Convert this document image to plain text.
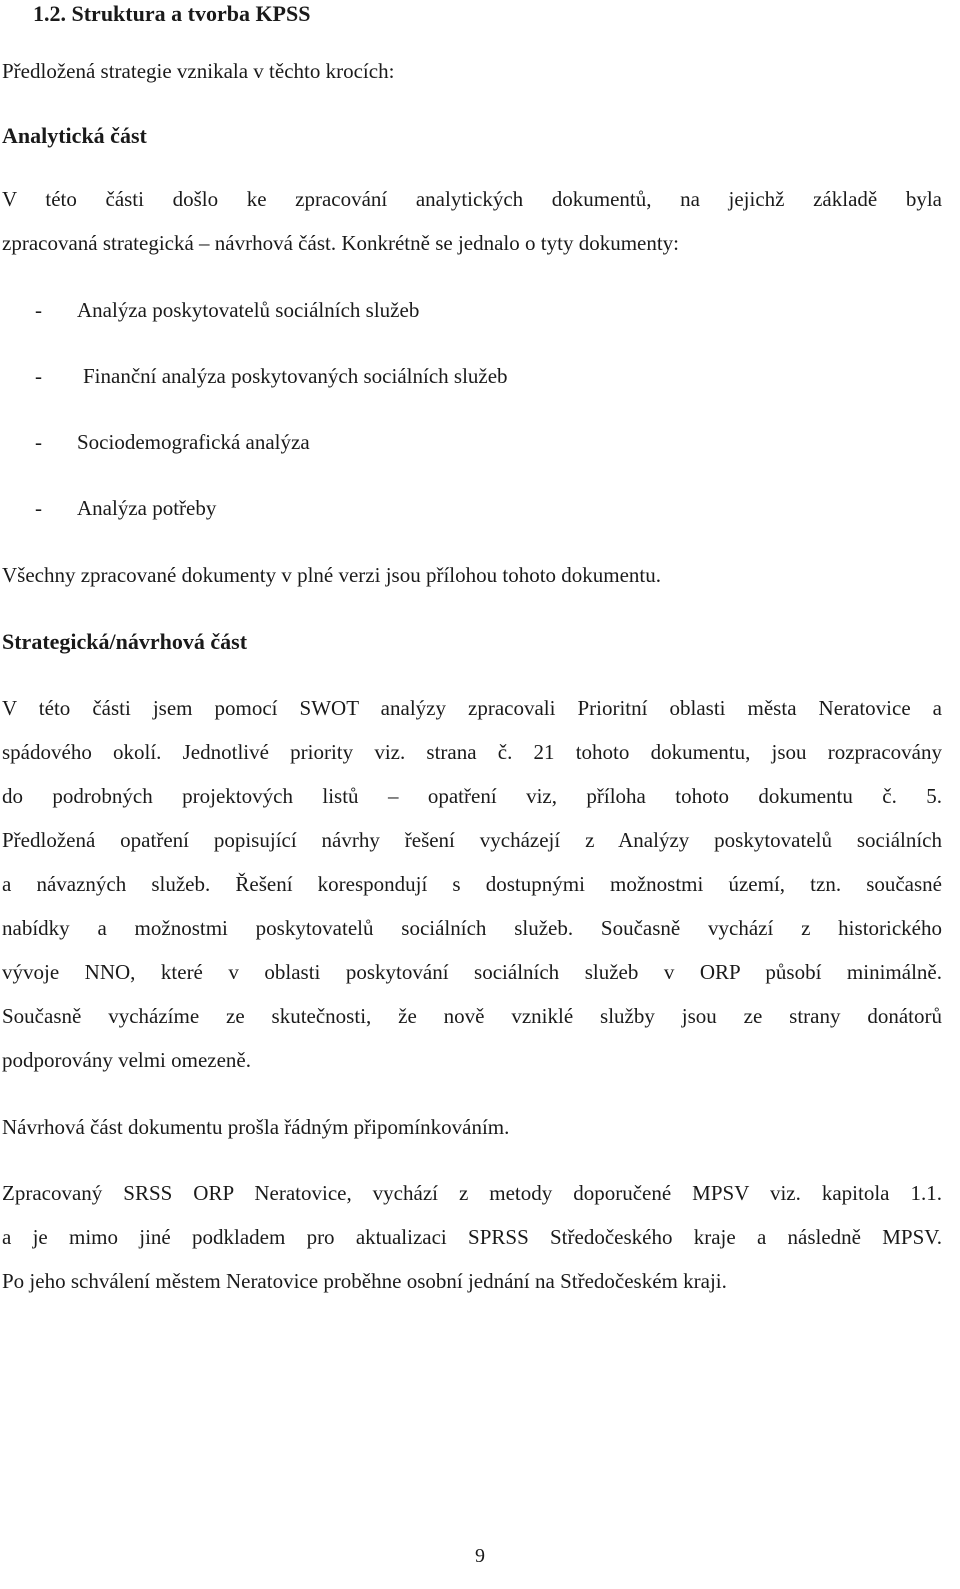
1.2. Struktura a tvorba KPSS

Předložená strategie vznikala v těchto krocích:

Analytická část

V této části došlo ke zpracování analytických dokumentů, na jejichž základě byla

zpracovaná strategická – návrhová část. Konkrétně se jednalo o tyty dokumenty:

- Analýza poskytovatelů sociálních služeb

- Finanční analýza poskytovaných sociálních služeb

- Sociodemografická analýza

- Analýza potřeby

Všechny zpracované dokumenty v plné verzi jsou přílohou tohoto dokumentu.

Strategická/návrhová část

V této části jsem pomocí SWOT analýzy zpracovali Prioritní oblasti města Neratovice a

spádového okolí. Jednotlivé priority viz. strana č. 21 tohoto dokumentu, jsou rozpracovány

do podrobných projektových listů – opatření viz, příloha tohoto dokumentu č. 5.

Předložená opatření popisující návrhy řešení vycházejí z Analýzy poskytovatelů sociálních

a návazných služeb. Řešení korespondují s dostupnými možnostmi území, tzn. současné

nabídky a možnostmi poskytovatelů sociálních služeb. Současně vychází z historického

vývoje NNO, které v oblasti poskytování sociálních služeb v ORP působí minimálně.

Současně vycházíme ze skutečnosti, že nově vzniklé služby jsou ze strany donátorů

podporovány velmi omezeně.

Návrhová část dokumentu prošla řádným připomínkováním.

Zpracovaný SRSS ORP Neratovice, vychází z metody doporučené MPSV viz. kapitola 1.1.

a je mimo jiné podkladem pro aktualizaci SPRSS Středočeského kraje a následně MPSV.

Po jeho schválení městem Neratovice proběhne osobní jednání na Středočeském kraji.

9
